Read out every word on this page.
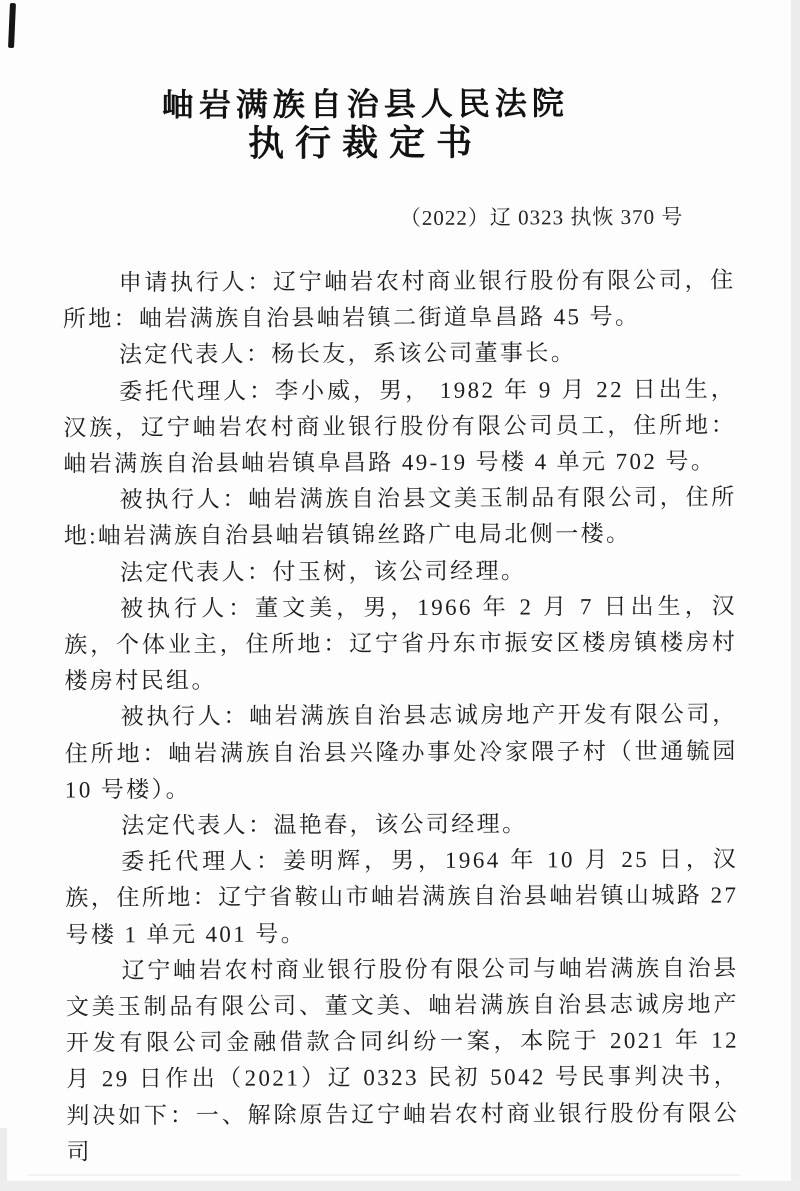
岫岩满族自治县人民法院
执行裁定书
（2022）辽 0323 执恢 370 号

申请执行人：辽宁岫岩农村商业银行股份有限公司，住所地：岫岩满族自治县岫岩镇二街道阜昌路 45 号。

法定代表人：杨长友，系该公司董事长。

委托代理人：李小威，男， 1982 年 9 月 22 日出生，汉族，辽宁岫岩农村商业银行股份有限公司员工，住所地：岫岩满族自治县岫岩镇阜昌路 49-19 号楼 4 单元 702 号。

被执行人：岫岩满族自治县文美玉制品有限公司，住所地:岫岩满族自治县岫岩镇锦丝路广电局北侧一楼。

法定代表人：付玉树，该公司经理。

被执行人：董文美，男，1966 年 2 月 7 日出生，汉族，个体业主，住所地：辽宁省丹东市振安区楼房镇楼房村楼房村民组。

被执行人：岫岩满族自治县志诚房地产开发有限公司，住所地：岫岩满族自治县兴隆办事处冷家隈子村（世通毓园 10 号楼）。

法定代表人：温艳春，该公司经理。

委托代理人：姜明辉，男，1964 年 10 月 25 日，汉族，住所地：辽宁省鞍山市岫岩满族自治县岫岩镇山城路 27 号楼 1 单元 401 号。

辽宁岫岩农村商业银行股份有限公司与岫岩满族自治县文美玉制品有限公司、董文美、岫岩满族自治县志诚房地产开发有限公司金融借款合同纠纷一案，本院于 2021 年 12 月 29 日作出（2021）辽 0323 民初 5042 号民事判决书，判决如下：一、解除原告辽宁岫岩农村商业银行股份有限公司
